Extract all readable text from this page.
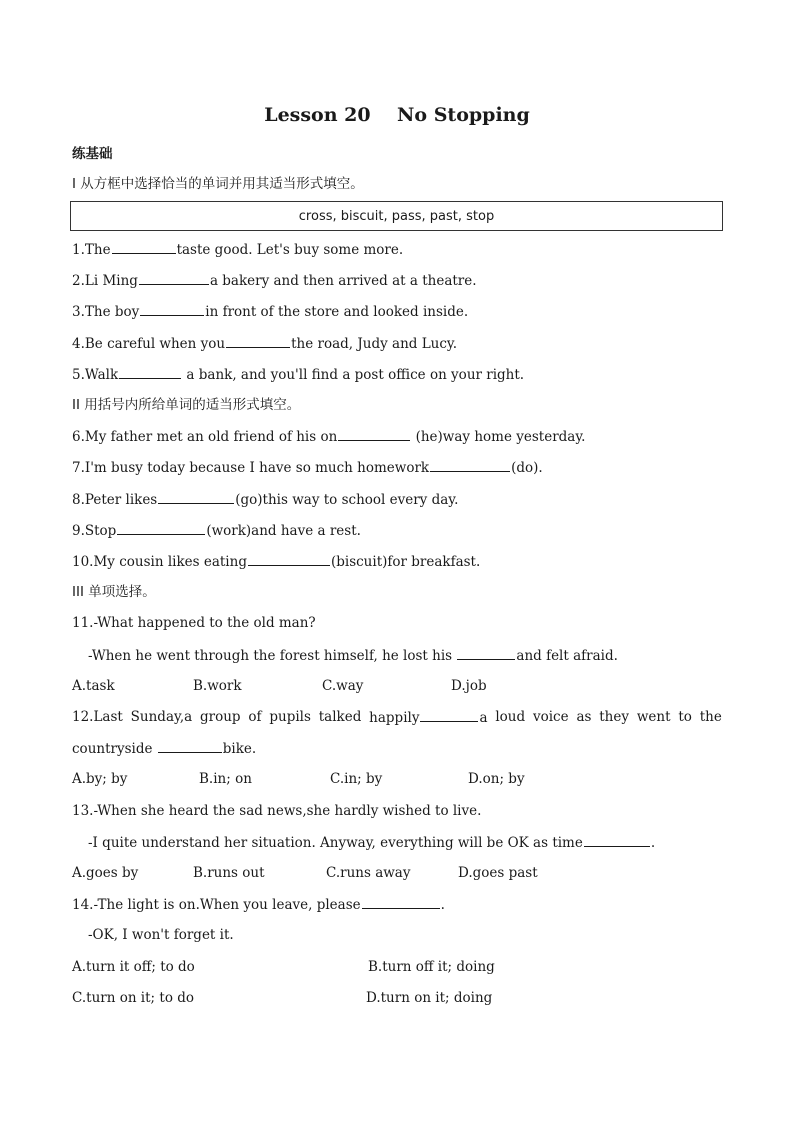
Lesson 20    No Stopping
练基础
I 从方框中选择恰当的单词并用其适当形式填空。
cross, biscuit, pass, past, stop
1.The	taste good. Let's buy some more.
2.Li Ming	a bakery and then arrived at a theatre.
3.The boy	in front of the store and looked inside.
4.Be careful when you	the road, Judy and Lucy.
5.Walk	a bank, and you'll find a post office on your right.
II 用括号内所给单词的适当形式填空。
6.My father met an old friend of his on	(he)way home yesterday.
7.I'm busy today because I have so much homework	(do).
8.Peter likes	(go)this way to school every day.
9.Stop	(work)and have a rest.
10.My cousin likes eating	(biscuit)for breakfast.
III 单项选择。
11.-What happened to the old man?
-When he went through the forest himself, he lost his	and felt afraid.
A.task	B.work	C.way	D.job
12.Last Sunday,a group of pupils talked happily	a loud voice as they went to the
countryside	bike.
A.by; by	B.in; on	C.in; by	D.on; by
13.-When she heard the sad news,she hardly wished to live.
-I quite understand her situation. Anyway, everything will be OK as time	.
A.goes by	B.runs out	C.runs away	D.goes past
14.-The light is on.When you leave, please	.
-OK, I won't forget it.
A.turn it off; to do	B.turn off it; doing
C.turn on it; to do	D.turn on it; doing
